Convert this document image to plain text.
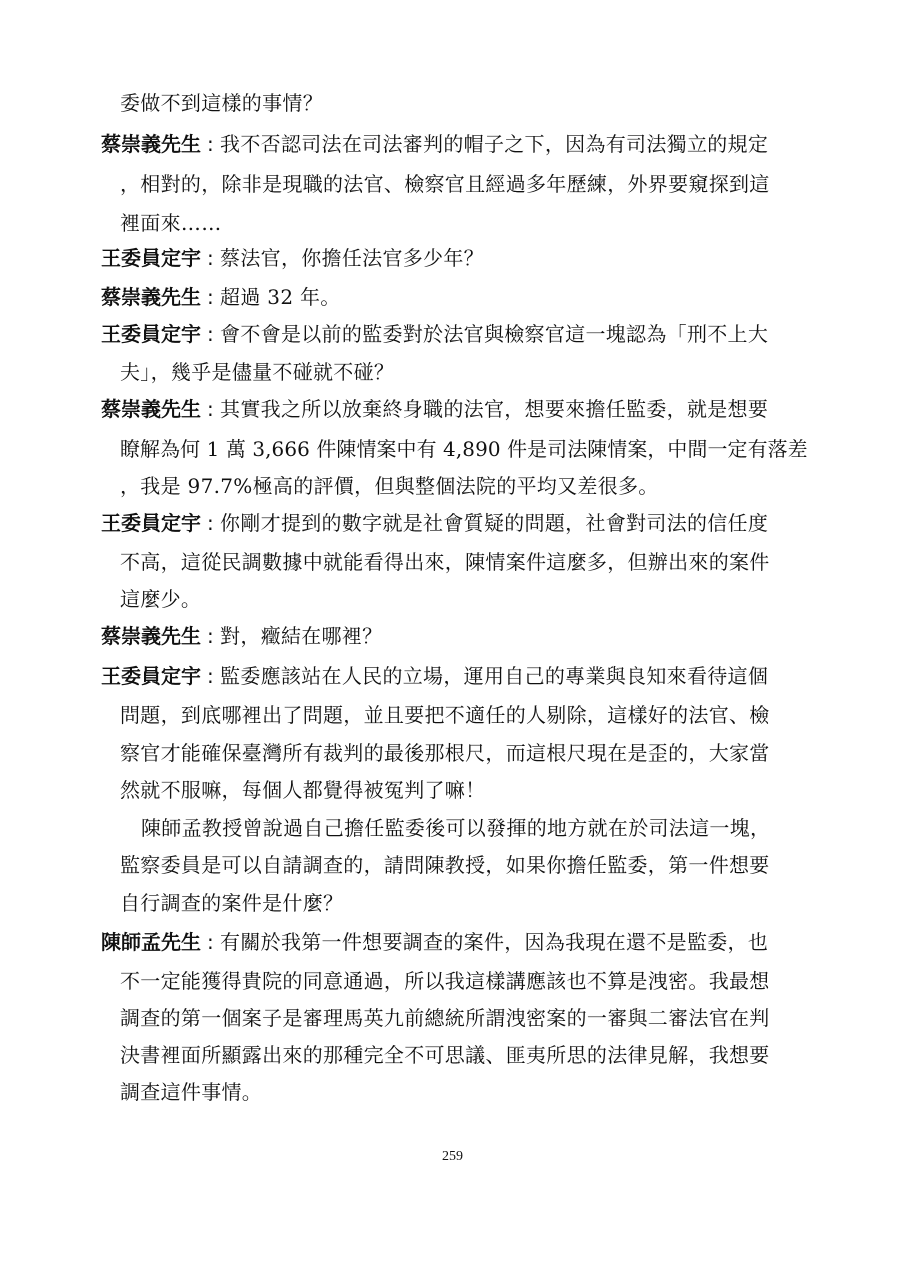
委做不到這樣的事情？
蔡崇義先生 : 我不否認司法在司法審判的帽子之下，因為有司法獨立的規定
，相對的，除非是現職的法官、檢察官且經過多年歷練，外界要窺探到這
裡面來……
王委員定宇 : 蔡法官，你擔任法官多少年？
蔡崇義先生 : 超過 32 年。
王委員定宇 : 會不會是以前的監委對於法官與檢察官這一塊認為「刑不上大
夫」，幾乎是儘量不碰就不碰？
蔡崇義先生 : 其實我之所以放棄終身職的法官，想要來擔任監委，就是想要
瞭解為何 1 萬 3,666 件陳情案中有 4,890 件是司法陳情案，中間一定有落差
，我是 97.7%極高的評價，但與整個法院的平均又差很多。
王委員定宇 : 你剛才提到的數字就是社會質疑的問題，社會對司法的信任度
不高，這從民調數據中就能看得出來，陳情案件這麼多，但辦出來的案件
這麼少。
蔡崇義先生 : 對，癥結在哪裡？
王委員定宇 : 監委應該站在人民的立場，運用自己的專業與良知來看待這個
問題，到底哪裡出了問題，並且要把不適任的人剔除，這樣好的法官、檢
察官才能確保臺灣所有裁判的最後那根尺，而這根尺現在是歪的，大家當
然就不服嘛，每個人都覺得被冤判了嘛！
陳師孟教授曾說過自己擔任監委後可以發揮的地方就在於司法這一塊，
監察委員是可以自請調查的，請問陳教授，如果你擔任監委，第一件想要
自行調查的案件是什麼？
陳師孟先生 : 有關於我第一件想要調查的案件，因為我現在還不是監委，也
不一定能獲得貴院的同意通過，所以我這樣講應該也不算是洩密。我最想
調查的第一個案子是審理馬英九前總統所謂洩密案的一審與二審法官在判
決書裡面所顯露出來的那種完全不可思議、匪夷所思的法律見解，我想要
調查這件事情。
259
